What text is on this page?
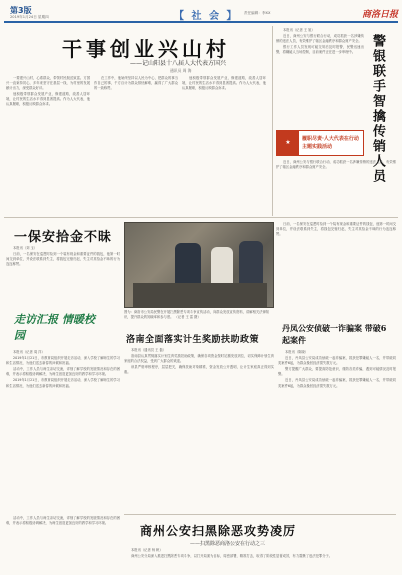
第3版
2019年1月24日 星期四	【 社 会 】 责任编辑：李XX	商洛日报
干事创业兴山村
——记山阳县十八届人大代表方国兴
通讯员 周 海

一要建兴山村，心系群众，带领村民脱贫致富。方国兴一直秉持初心，多年来坚守在基层一线，为村里的发展献计出力，深受群众好评。

他积极带领群众发展产业，修建道路，改善人居环境，让村民的生活水平得到显著提高。作为人大代表，他认真履职，积极反映群众诉求。

在工作中，他始终坚持以人民为中心，把群众的事当作自己的事，千方百计为群众排忧解难，赢得了广大群众的一致称赞。

他积极带领群众发展产业，修建道路，改善人居环境，让村民的生活水平得到显著提高。作为人大代表，他认真履职，积极反映群众诉求。

本报讯（记者 王 旭）

近日，商州公安与银行联合行动，成功抓获一名涉嫌传销的违法人员，有效维护了辖区金融秩序和群众财产安全。

银行工作人员发现可疑交易后及时报警，民警迅速出警，将嫌疑人当场控制，目前案件正在进一步审理中。	警银联手智擒传销人员
★	履职尽责·人大代表在行动 主题实践活动

近日，商州公安与银行联合行动，成功抓获一名涉嫌传销的违法人员，有效维护了辖区金融秩序和群众财产安全。

一保安拾金不昧

本报讯（刘 玉）

日前，一名保安在巡逻时捡到一个装有现金和重要证件的钱包，他第一时间交到单位，并设法联系到失主，将钱包完璧归赵，失主对其拾金不昧的行为连连称赞。

日前，一名保安在巡逻时捡到一个装有现金和重要证件的钱包，他第一时间交到单位，并设法联系到失主，将钱包完璧归赵，失主对其拾金不昧的行为连连称赞。

图为：商洛市公安局民警在开展扫黑除恶专项斗争宣传活动，向群众发放宣传资料，讲解相关法律知识，提升群众的知晓率和参与度。 （记者 王 雷 摄）
丹凤公安侦破一诈骗案 带破6起案件

本报讯（陈晓）

近日，丹凤县公安局成功侦破一起诈骗案，抓获犯罪嫌疑人一名，并带破同类案件6起，为群众挽回经济损失数万元。

警方提醒广大群众，要提高防范意识，谨防各类诈骗，遇到可疑情况及时报警。

近日，丹凤县公安局成功侦破一起诈骗案，抓获犯罪嫌疑人一名，并带破同类案件6起，为群众挽回经济损失数万元。

走访汇报 情暖校园

本报讯（记者 周 洋）

2019年1月21日，市教育局组织开展走访活动，深入学校了解师生的学习和生活情况，为他们送去新春的问候和祝福。

活动中，工作人员与师生亲切交流，详细了解学校的发展情况和存在的困难，并表示将积极协调解决，为师生创造更加良好的教学和学习环境。

2019年1月21日，市教育局组织开展走访活动，深入学校了解师生的学习和生活情况，为他们送去新春的问候和祝福。

洛南全面落实计生奖励扶助政策

本报讯（通讯员 王 磊）

洛南县认真贯彻落实计划生育奖励扶助政策，确保各项资金按时足额发放到位，切实保障计划生育家庭的合法权益，受到广大群众的欢迎。

该县严格审核程序，层层把关，确保扶助对象精准，资金发放公开透明，让计生家庭真正得到实惠。

商州公安扫黑除恶攻势凌厉
——扫黑除恶商洛公安在行动之三

活动中，工作人员与师生亲切交流，详细了解学校的发展情况和存在的困难，并表示将积极协调解决，为师生创造更加良好的教学和学习环境。

本报讯（记者 杨 帆）

商州公安分局深入推进扫黑除恶专项斗争，以打开局面为目标，周密部署，精准打击，取得了阶段性显著成效，有力震慑了违法犯罪分子。
